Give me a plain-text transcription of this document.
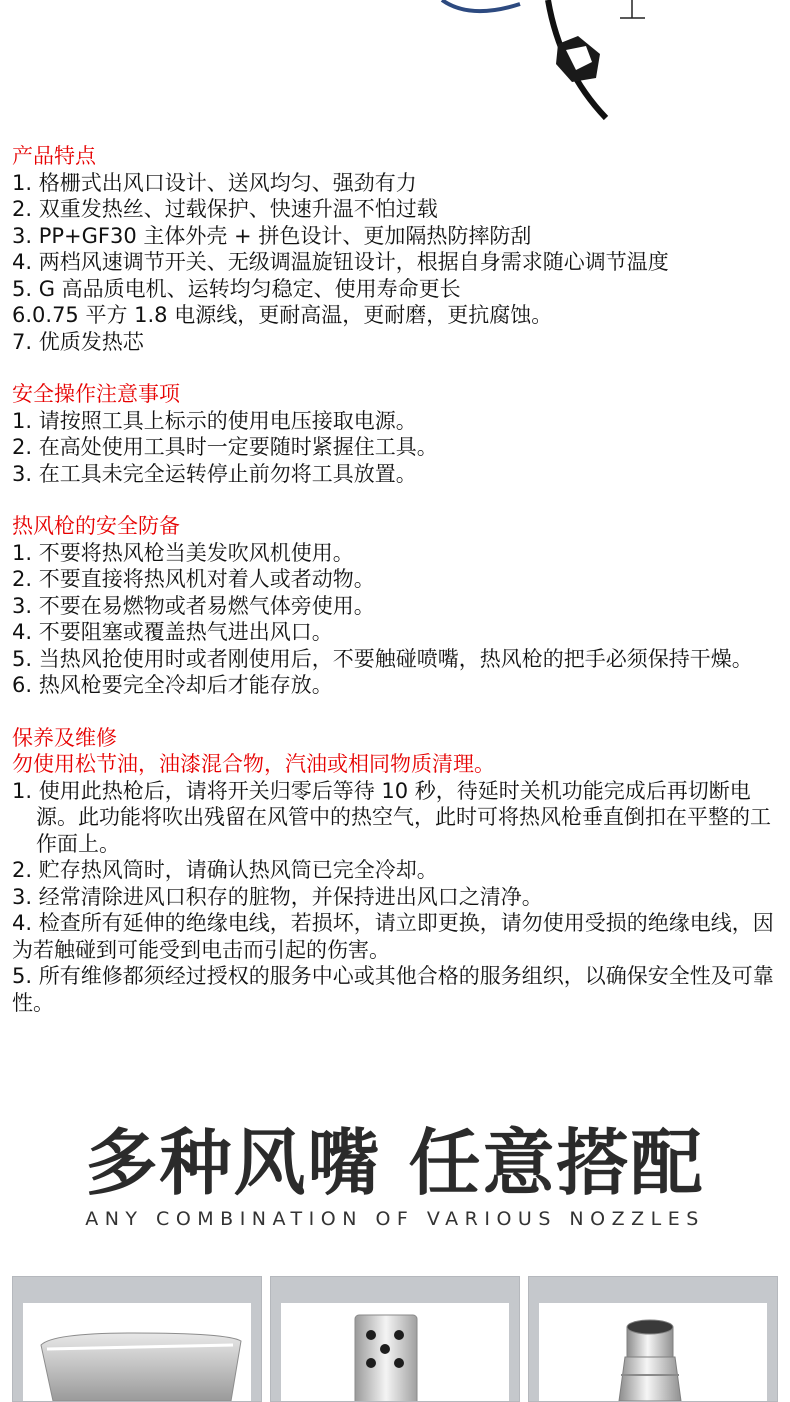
产品特点
1. 格栅式出风口设计、送风均匀、强劲有力
2. 双重发热丝、过载保护、快速升温不怕过载
3. PP+GF30 主体外壳 + 拼色设计、更加隔热防摔防刮
4. 两档风速调节开关、无级调温旋钮设计，根据自身需求随心调节温度
5. G 高品质电机、运转均匀稳定、使用寿命更长
6.0.75 平方 1.8 电源线，更耐高温，更耐磨，更抗腐蚀。
7. 优质发热芯
安全操作注意事项
1. 请按照工具上标示的使用电压接取电源。
2. 在高处使用工具时一定要随时紧握住工具。
3. 在工具未完全运转停止前勿将工具放置。
热风枪的安全防备
1. 不要将热风枪当美发吹风机使用。
2. 不要直接将热风机对着人或者动物。
3. 不要在易燃物或者易燃气体旁使用。
4. 不要阻塞或覆盖热气进出风口。
5. 当热风抢使用时或者刚使用后，不要触碰喷嘴，热风枪的把手必须保持干燥。
6. 热风枪要完全冷却后才能存放。
保养及维修
勿使用松节油，油漆混合物，汽油或相同物质清理。
1. 使用此热枪后，请将开关归零后等待 10 秒，待延时关机功能完成后再切断电源。此功能将吹出残留在风管中的热空气，此时可将热风枪垂直倒扣在平整的工作面上。
2. 贮存热风筒时，请确认热风筒已完全冷却。
3. 经常清除进风口积存的脏物，并保持进出风口之清净。
4. 检查所有延伸的绝缘电线，若损坏，请立即更换，请勿使用受损的绝缘电线，因为若触碰到可能受到电击而引起的伤害。
5. 所有维修都须经过授权的服务中心或其他合格的服务组织，以确保安全性及可靠性。
多种风嘴 任意搭配
ANY COMBINATION OF VARIOUS NOZZLES
